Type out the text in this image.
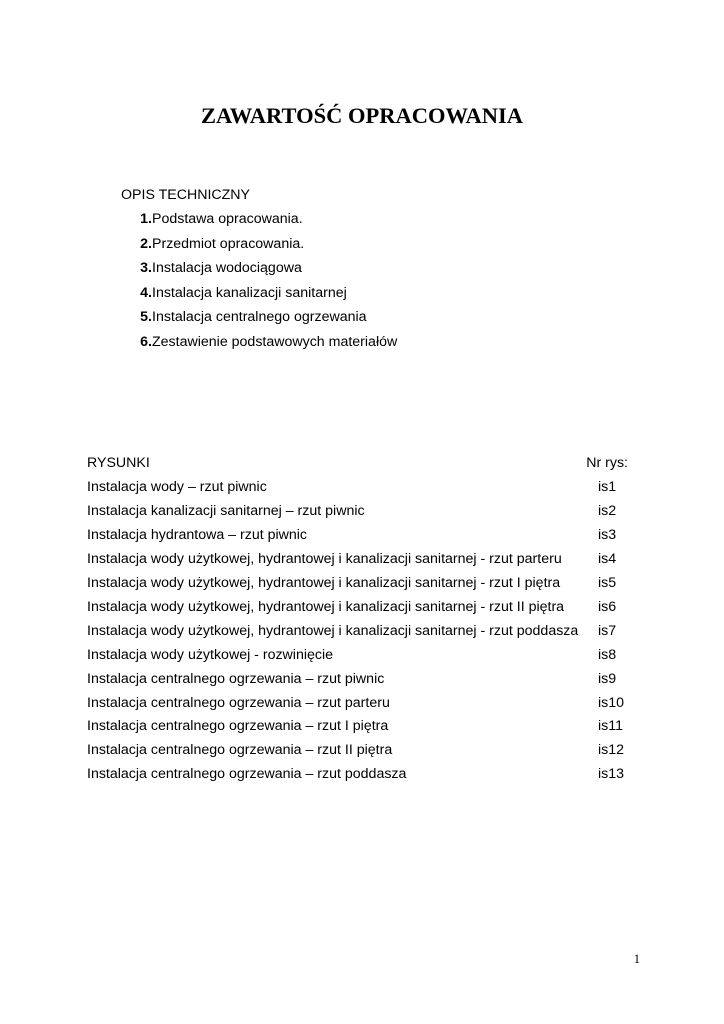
ZAWARTOŚĆ OPRACOWANIA
OPIS TECHNICZNY
1. Podstawa opracowania.
2. Przedmiot opracowania.
3. Instalacja wodociągowa
4. Instalacja kanalizacji sanitarnej
5. Instalacja centralnego ogrzewania
6. Zestawienie podstawowych materiałów
RYSUNKI	Nr rys:
Instalacja wody – rzut piwnic	is1
Instalacja kanalizacji sanitarnej – rzut piwnic	is2
Instalacja hydrantowa – rzut piwnic	is3
Instalacja wody użytkowej, hydrantowej i kanalizacji sanitarnej - rzut parteru	is4
Instalacja wody użytkowej, hydrantowej i kanalizacji sanitarnej - rzut I piętra	is5
Instalacja wody użytkowej, hydrantowej i kanalizacji sanitarnej - rzut II piętra is6
Instalacja wody użytkowej, hydrantowej i kanalizacji sanitarnej - rzut poddasza is7
Instalacja wody użytkowej - rozwinięcie	is8
Instalacja centralnego ogrzewania – rzut piwnic	is9
Instalacja centralnego ogrzewania – rzut parteru	is10
Instalacja centralnego ogrzewania – rzut I piętra	is11
Instalacja centralnego ogrzewania – rzut II piętra	is12
Instalacja centralnego ogrzewania – rzut poddasza	is13
1
